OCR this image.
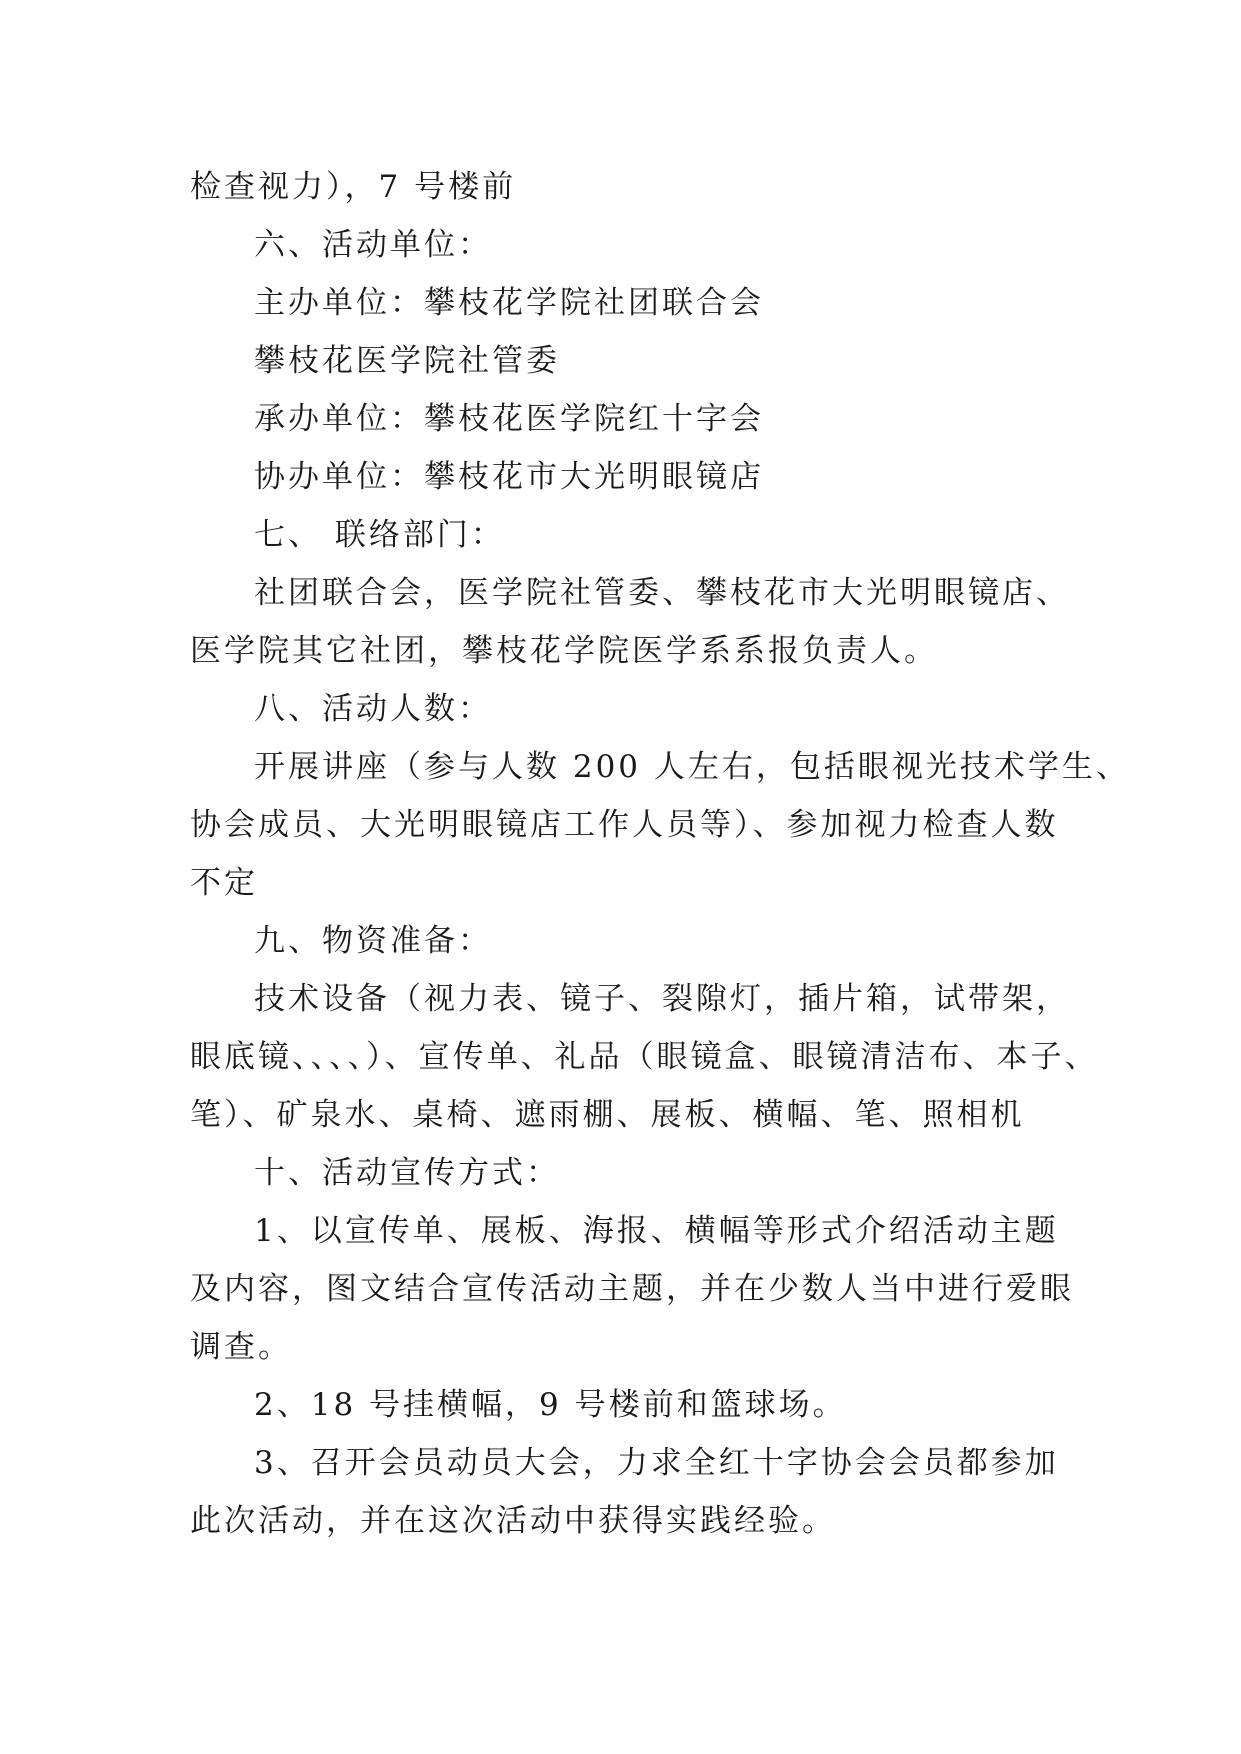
检查视力），7 号楼前

六、活动单位：

主办单位：攀枝花学院社团联合会

攀枝花医学院社管委

承办单位：攀枝花医学院红十字会

协办单位：攀枝花市大光明眼镜店

七、 联络部门：

社团联合会，医学院社管委、攀枝花市大光明眼镜店、

医学院其它社团，攀枝花学院医学系系报负责人。

八、活动人数：

开展讲座（参与人数 200 人左右，包括眼视光技术学生、

协会成员、大光明眼镜店工作人员等）、参加视力检查人数

不定

九、物资准备：

技术设备（视力表、镜子、裂隙灯，插片箱，试带架，

眼底镜、、、、）、宣传单、礼品（眼镜盒、眼镜清洁布、本子、

笔）、矿泉水、桌椅、遮雨棚、展板、横幅、笔、照相机

十、活动宣传方式：

1、以宣传单、展板、海报、横幅等形式介绍活动主题

及内容，图文结合宣传活动主题，并在少数人当中进行爱眼

调查。

2、18 号挂横幅，9 号楼前和篮球场。

3、召开会员动员大会，力求全红十字协会会员都参加

此次活动，并在这次活动中获得实践经验。
